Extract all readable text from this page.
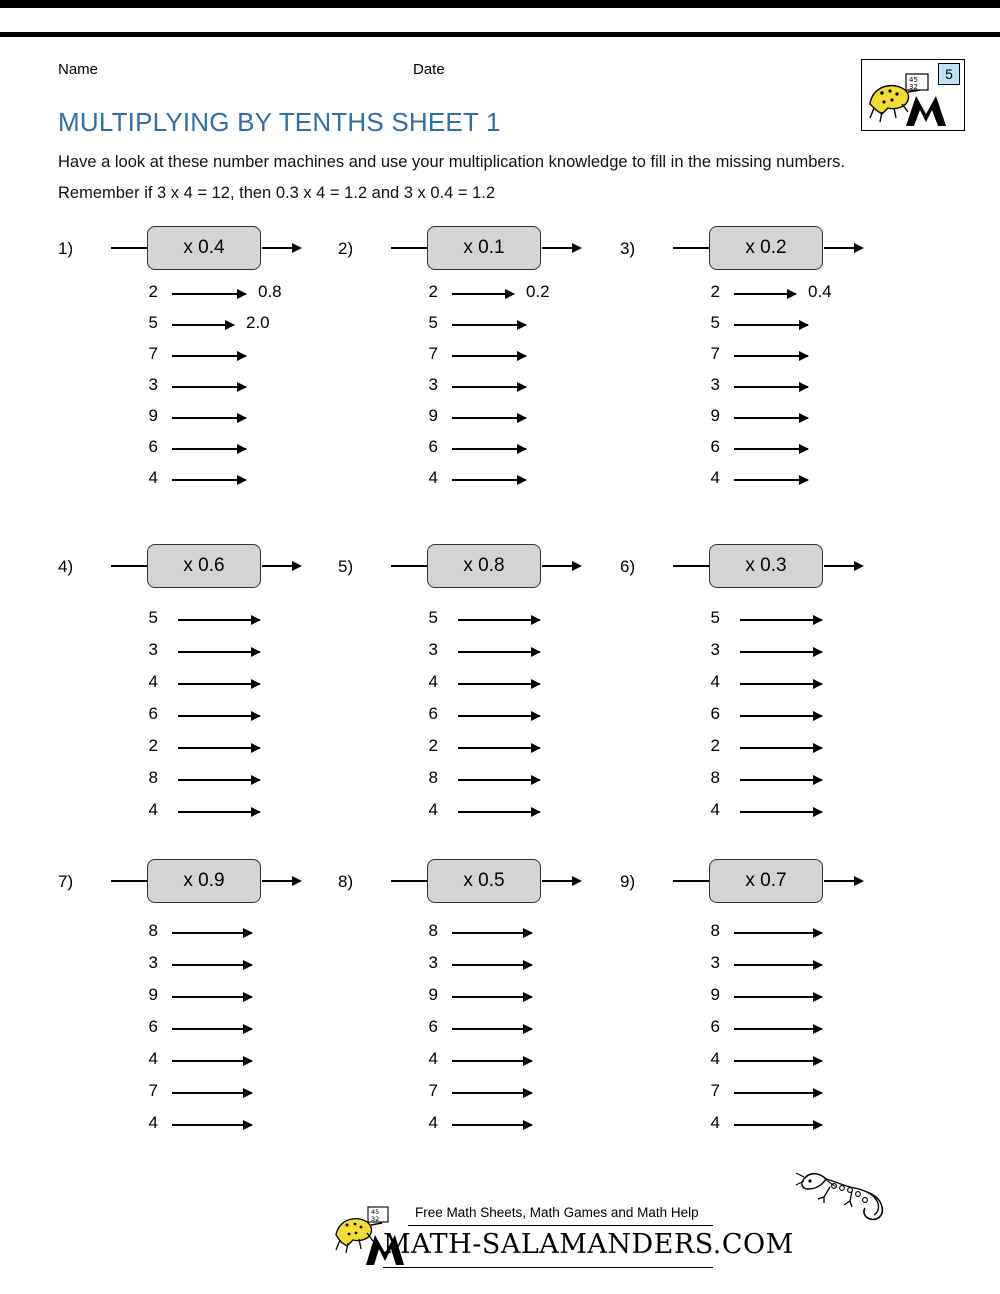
Name	Date
45
32
5
MULTIPLYING BY TENTHS SHEET 1
Have a look at these number machines and use your multiplication knowledge to fill in the missing numbers. Remember if 3 x 4 = 12, then 0.3 x 4 = 1.2 and 3 x 0.4 = 1.2
1)	x 0.4
2	0.8
5	2.0
7
3
9
6
4
2)	x 0.1
2	0.2
5
7
3
9
6
4
3)	x 0.2
2	0.4
5
7
3
9
6
4
4)	x 0.6
5
3
4
6
2
8
4
5)	x 0.8
5
3
4
6
2
8
4
6)	x 0.3
5
3
4
6
2
8
4
7)	x 0.9
8
3
9
6
4
7
4
8)	x 0.5
8
3
9
6
4
7
4
9)	x 0.7
8
3
9
6
4
7
4
45
32	Free Math Sheets, Math Games and Math Help
MATH-SALAMANDERS.COM
